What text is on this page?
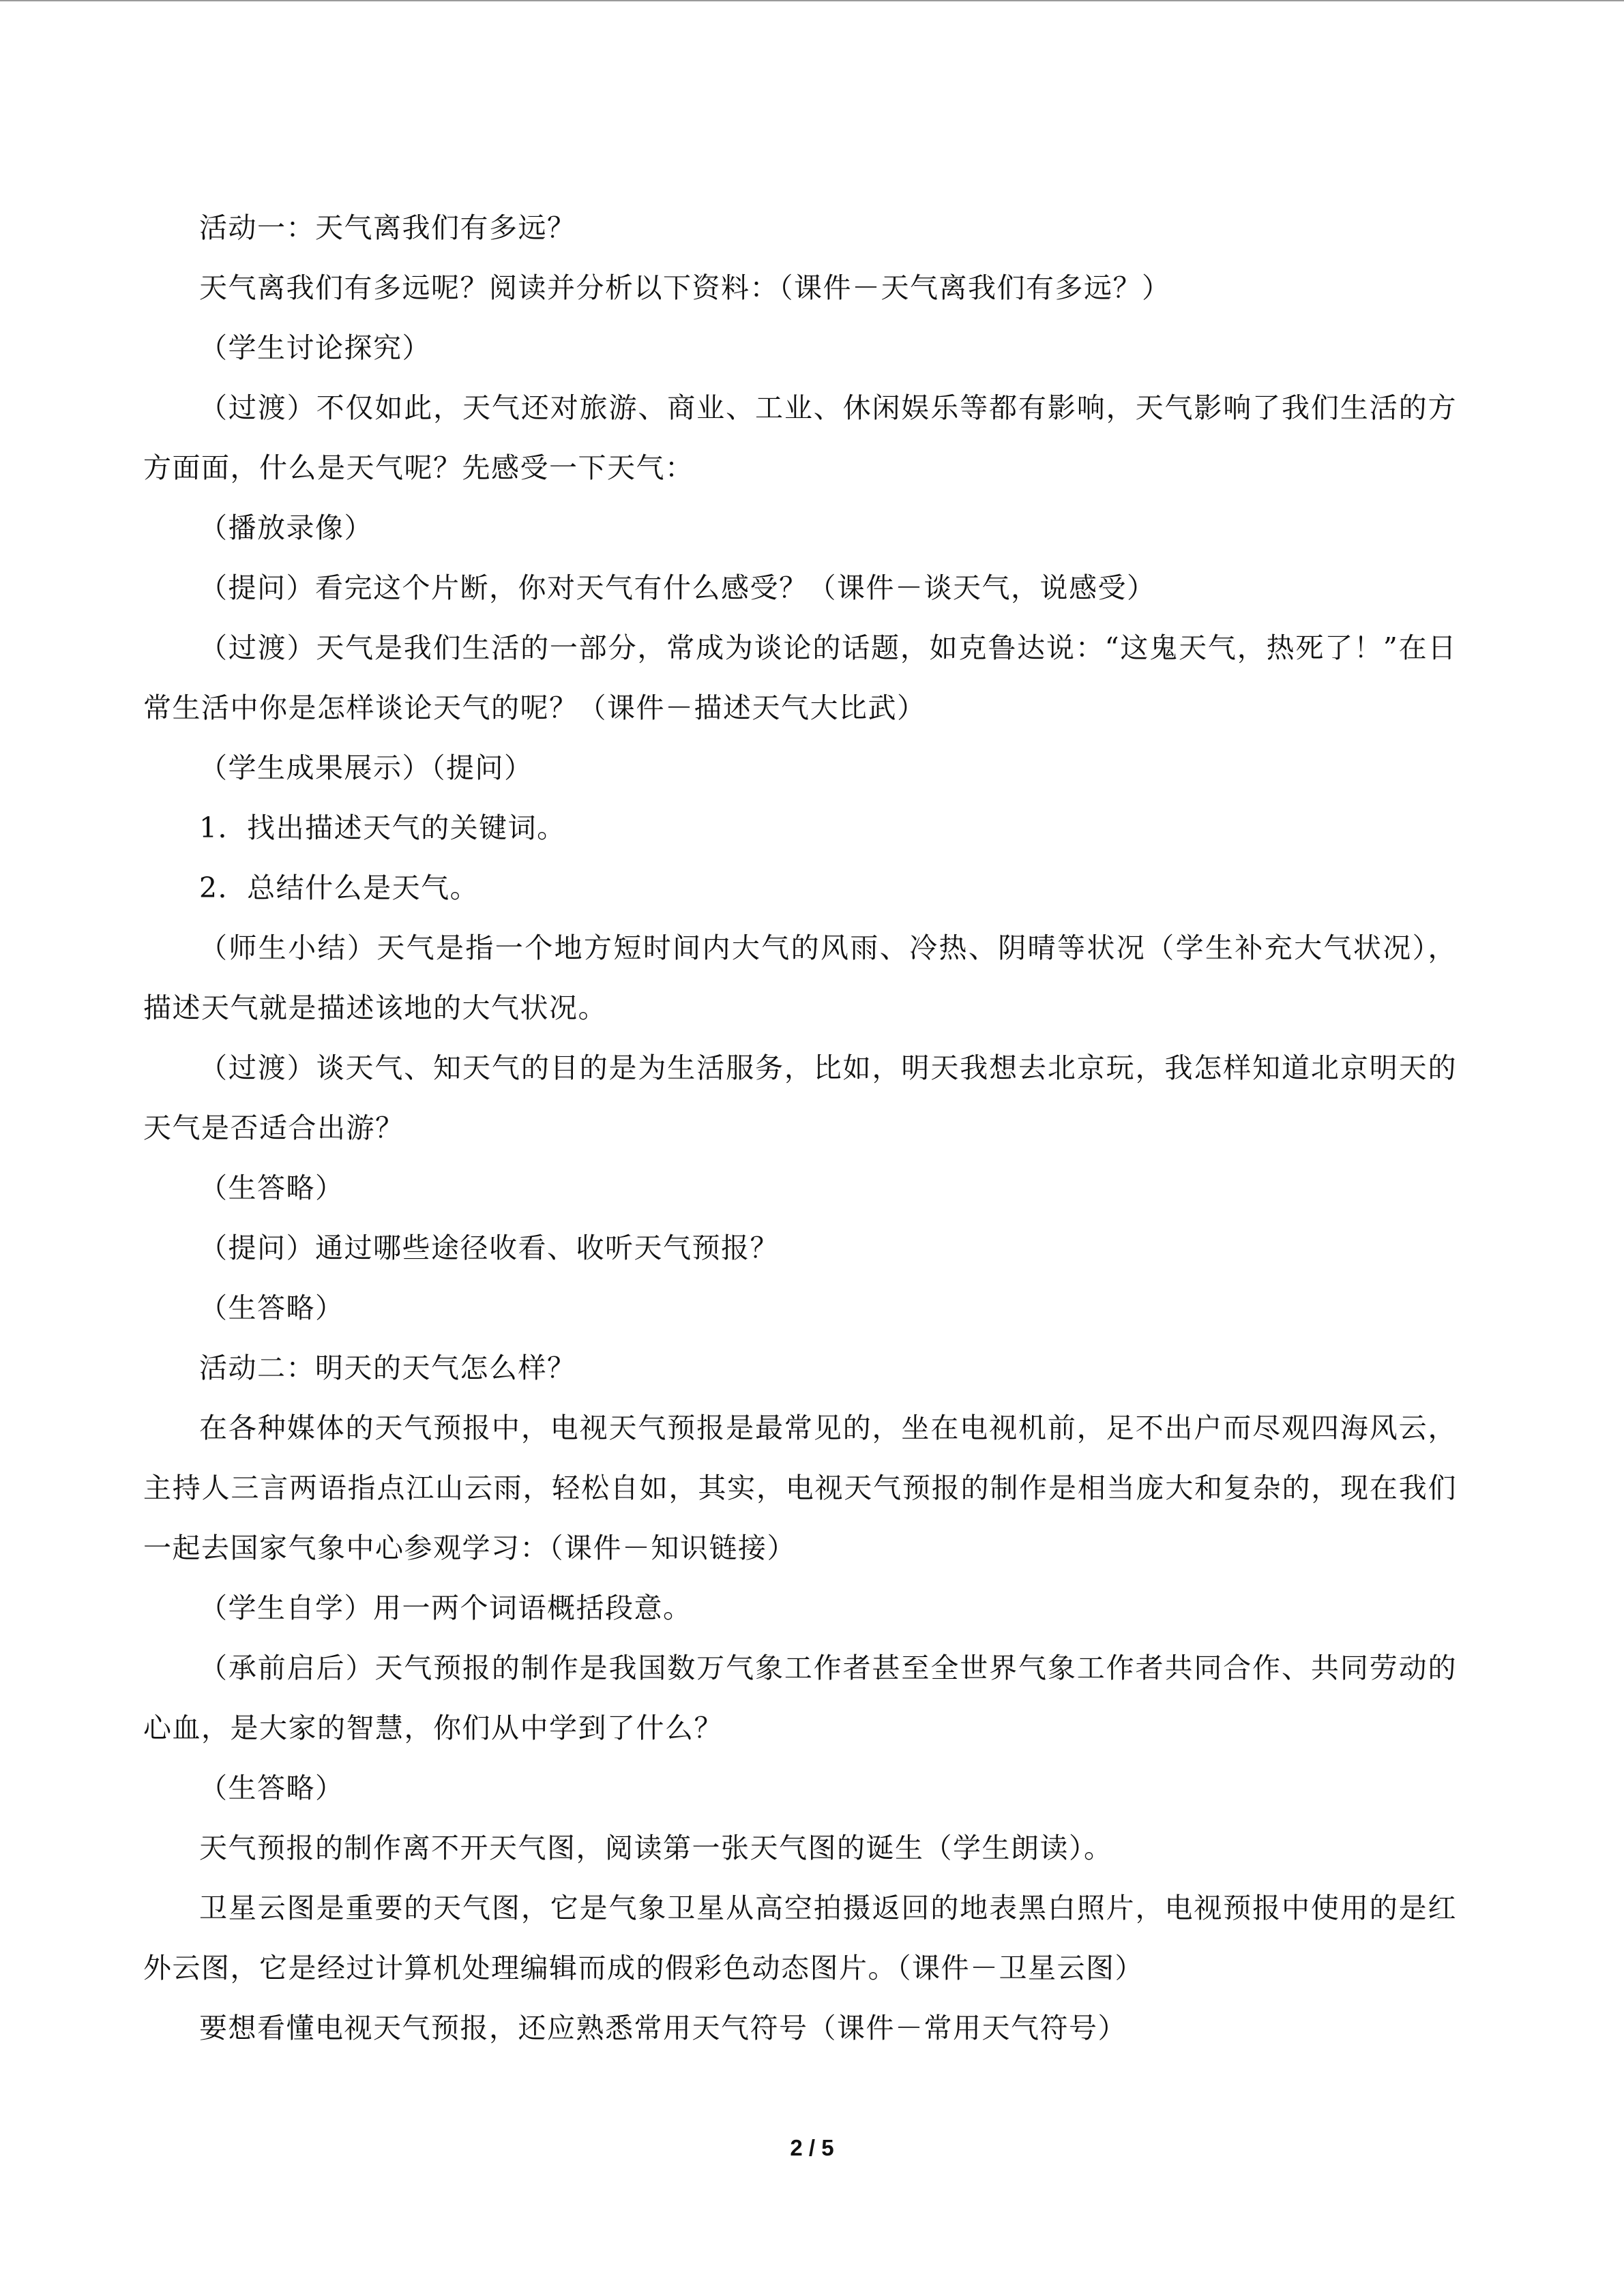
活动一：天气离我们有多远？

天气离我们有多远呢？阅读并分析以下资料：（课件－天气离我们有多远？）

（学生讨论探究）

（过渡）不仅如此，天气还对旅游、商业、工业、休闲娱乐等都有影响，天气影响了我们生活的方方面面，什么是天气呢？先感受一下天气：

（播放录像）

（提问）看完这个片断，你对天气有什么感受？（课件－谈天气，说感受）

（过渡）天气是我们生活的一部分，常成为谈论的话题，如克鲁达说：“这鬼天气，热死了！”在日常生活中你是怎样谈论天气的呢？（课件－描述天气大比武）

（学生成果展示）（提问）

1．找出描述天气的关键词。

2．总结什么是天气。

（师生小结）天气是指一个地方短时间内大气的风雨、冷热、阴晴等状况（学生补充大气状况），描述天气就是描述该地的大气状况。

（过渡）谈天气、知天气的目的是为生活服务，比如，明天我想去北京玩，我怎样知道北京明天的天气是否适合出游？

（生答略）

（提问）通过哪些途径收看、收听天气预报？

（生答略）

活动二：明天的天气怎么样？

在各种媒体的天气预报中，电视天气预报是最常见的，坐在电视机前，足不出户而尽观四海风云，主持人三言两语指点江山云雨，轻松自如，其实，电视天气预报的制作是相当庞大和复杂的，现在我们一起去国家气象中心参观学习：（课件－知识链接）

（学生自学）用一两个词语概括段意。

（承前启后）天气预报的制作是我国数万气象工作者甚至全世界气象工作者共同合作、共同劳动的心血，是大家的智慧，你们从中学到了什么？

（生答略）

天气预报的制作离不开天气图，阅读第一张天气图的诞生（学生朗读）。

卫星云图是重要的天气图，它是气象卫星从高空拍摄返回的地表黑白照片，电视预报中使用的是红外云图，它是经过计算机处理编辑而成的假彩色动态图片。（课件－卫星云图）

要想看懂电视天气预报，还应熟悉常用天气符号（课件－常用天气符号）

2 / 5
